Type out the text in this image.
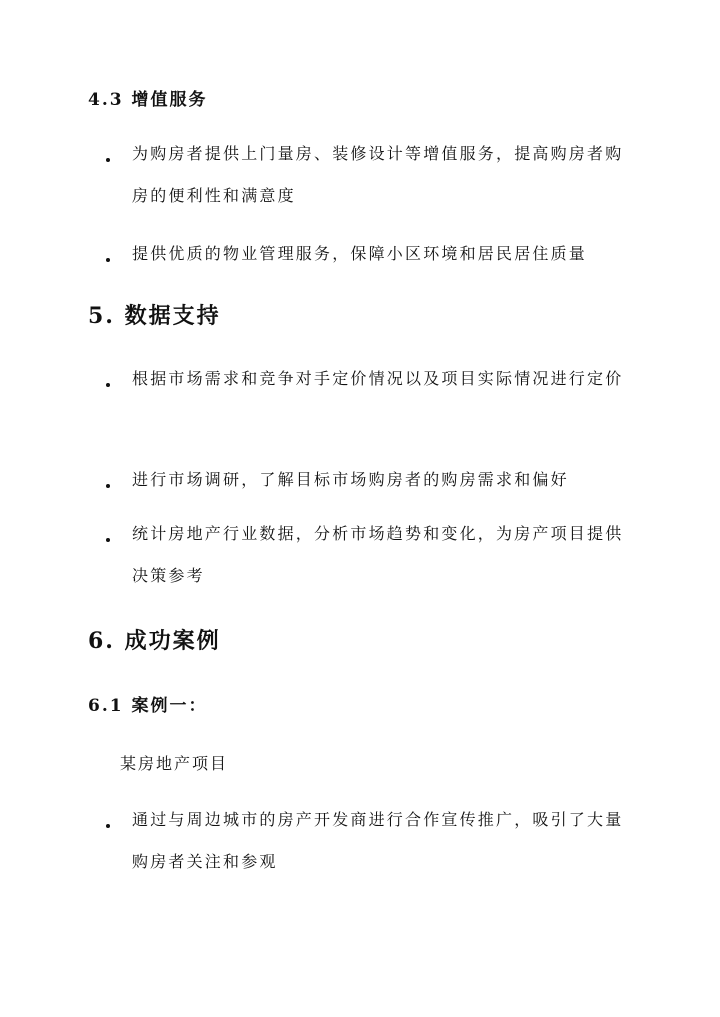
4.3 增值服务
为购房者提供上门量房、装修设计等增值服务，提高购房者购房的便利性和满意度
提供优质的物业管理服务，保障小区环境和居民居住质量
5. 数据支持
根据市场需求和竞争对手定价情况以及项目实际情况进行定价
进行市场调研，了解目标市场购房者的购房需求和偏好
统计房地产行业数据，分析市场趋势和变化，为房产项目提供决策参考
6. 成功案例
6.1 案例一：
某房地产项目
通过与周边城市的房产开发商进行合作宣传推广，吸引了大量购房者关注和参观
